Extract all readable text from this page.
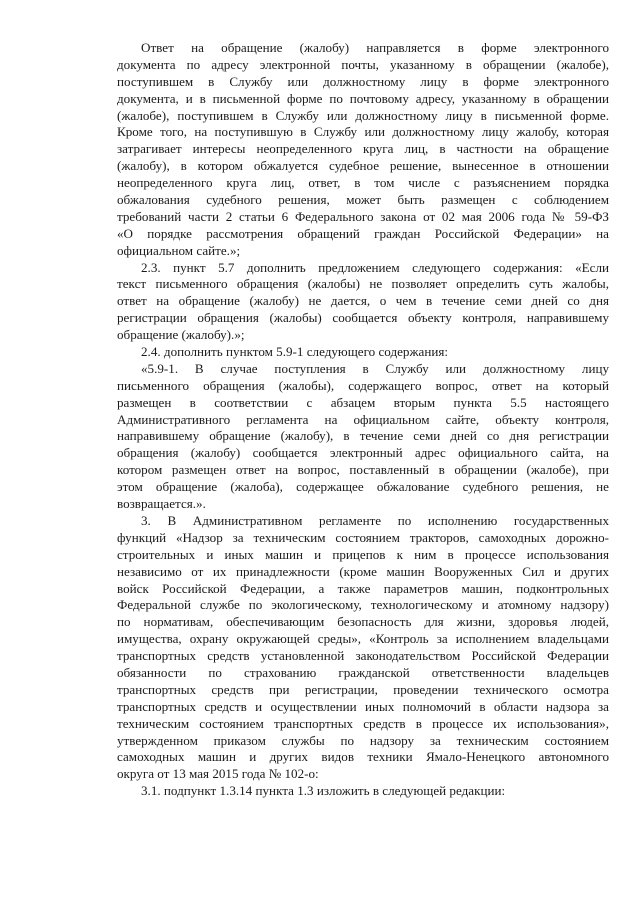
Ответ на обращение (жалобу) направляется в форме электронного
документа по адресу электронной почты, указанному в обращении (жалобе),
поступившем в Службу или должностному лицу в форме электронного
документа, и в письменной форме по почтовому адресу, указанному в обращении
(жалобе), поступившем в Службу или должностному лицу в письменной форме.
Кроме того, на поступившую в Службу или должностному лицу жалобу, которая
затрагивает интересы неопределенного круга лиц, в частности на обращение
(жалобу), в котором обжалуется судебное решение, вынесенное в отношении
неопределенного круга лиц, ответ, в том числе с разъяснением порядка
обжалования судебного решения, может быть размещен с соблюдением
требований части 2 статьи 6 Федерального закона от 02 мая 2006 года № 59-ФЗ
«О порядке рассмотрения обращений граждан Российской Федерации» на
официальном сайте.»;
2.3. пункт 5.7 дополнить предложением следующего содержания: «Если
текст письменного обращения (жалобы) не позволяет определить суть жалобы,
ответ на обращение (жалобу) не дается, о чем в течение семи дней со дня
регистрации обращения (жалобы) сообщается объекту контроля, направившему
обращение (жалобу).»;
2.4. дополнить пунктом 5.9-1 следующего содержания:
«5.9-1. В случае поступления в Службу или должностному лицу
письменного обращения (жалобы), содержащего вопрос, ответ на который
размещен в соответствии с абзацем вторым пункта 5.5 настоящего
Административного регламента на официальном сайте, объекту контроля,
направившему обращение (жалобу), в течение семи дней со дня регистрации
обращения (жалобу) сообщается электронный адрес официального сайта, на
котором размещен ответ на вопрос, поставленный в обращении (жалобе), при
этом обращение (жалоба), содержащее обжалование судебного решения, не
возвращается.».
3. В Административном регламенте по исполнению государственных
функций «Надзор за техническим состоянием тракторов, самоходных дорожно-
строительных и иных машин и прицепов к ним в процессе использования
независимо от их принадлежности (кроме машин Вооруженных Сил и других
войск Российской Федерации, а также параметров машин, подконтрольных
Федеральной службе по экологическому, технологическому и атомному надзору)
по нормативам, обеспечивающим безопасность для жизни, здоровья людей,
имущества, охрану окружающей среды», «Контроль за исполнением владельцами
транспортных средств установленной законодательством Российской Федерации
обязанности по страхованию гражданской ответственности владельцев
транспортных средств при регистрации, проведении технического осмотра
транспортных средств и осуществлении иных полномочий в области надзора за
техническим состоянием транспортных средств в процессе их использования»,
утвержденном приказом службы по надзору за техническим состоянием
самоходных машин и других видов техники Ямало-Ненецкого автономного
округа от 13 мая 2015 года № 102-о:
3.1. подпункт 1.3.14 пункта 1.3 изложить в следующей редакции:
